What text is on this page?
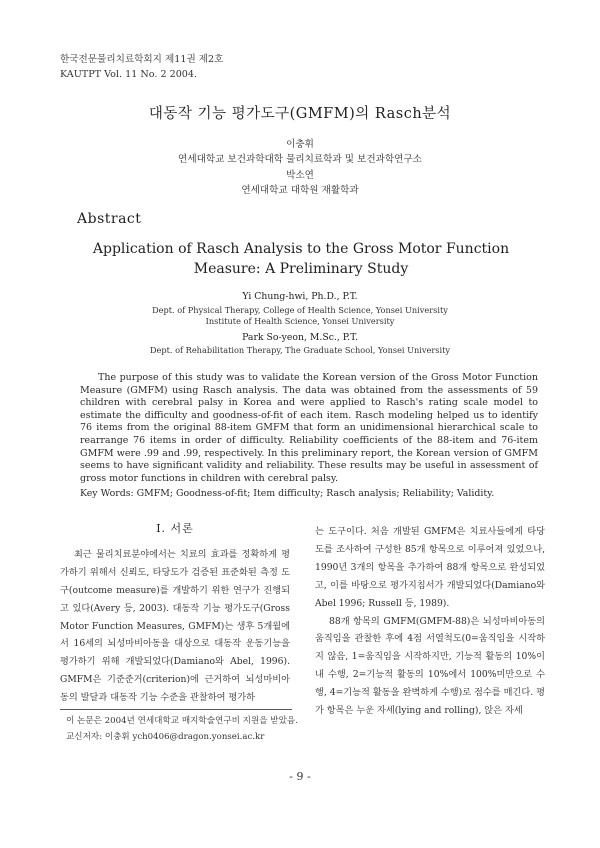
한국전문물리치료학회지 제11권 제2호
KAUTPT Vol. 11 No. 2 2004.
대동작 기능 평가도구(GMFM)의 Rasch분석
이충휘
연세대학교 보건과학대학 물리치료학과 및 보건과학연구소
박소연
연세대학교 대학원 재활학과
Abstract
Application of Rasch Analysis to the Gross Motor Function Measure: A Preliminary Study
Yi Chung-hwi, Ph.D., P.T.
Dept. of Physical Therapy, College of Health Science, Yonsei University
Institute of Health Science, Yonsei University
Park So-yeon, M.Sc., P.T.
Dept. of Rehabilitation Therapy, The Graduate School, Yonsei University
The purpose of this study was to validate the Korean version of the Gross Motor Function Measure (GMFM) using Rasch analysis. The data was obtained from the assessments of 59 children with cerebral palsy in Korea and were applied to Rasch's rating scale model to estimate the difficulty and goodness-of-fit of each item. Rasch modeling helped us to identify 76 items from the original 88-item GMFM that form an unidimensional hierarchical scale to rearrange 76 items in order of difficulty. Reliability coefficients of the 88-item and 76-item GMFM were .99 and .99, respectively. In this preliminary report, the Korean version of GMFM seems to have significant validity and reliability. These results may be useful in assessment of gross motor functions in children with cerebral palsy.
Key Words: GMFM; Goodness-of-fit; Item difficulty; Rasch analysis; Reliability; Validity.
Ⅰ. 서론

최근 물리치료분야에서는 치료의 효과를 정확하게 평가하기 위해서 신뢰도, 타당도가 검증된 표준화된 측정 도구(outcome measure)를 개발하기 위한 연구가 진행되고 있다(Avery 등, 2003). 대동작 기능 평가도구(Gross Motor Function Measures, GMFM)는 생후 5개월에서 16세의 뇌성마비아동을 대상으로 대동작 운동기능을 평가하기 위해 개발되었다(Damiano와 Abel, 1996). GMFM은 기준준거(criterion)에 근거하여 뇌성마비아동의 발달과 대동작 기능 수준을 관찰하여 평가하

는 도구이다. 처음 개발된 GMFM은 치료사들에게 타당도를 조사하여 구성한 85개 항목으로 이루어져 있었으나, 1990년 3개의 항목을 추가하여 88개 항목으로 완성되었고, 이를 바탕으로 평가지침서가 개발되었다(Damiano와 Abel 1996; Russell 등, 1989).

88개 항목의 GMFM(GMFM-88)은 뇌성마비아동의 움직임을 관찰한 후에 4점 서열척도(0=움직임을 시작하지 않음, 1=움직임을 시작하지만, 기능적 활동의 10%이내 수행, 2=기능적 활동의 10%에서 100%미만으로 수행, 4=기능적 활동을 완벽하게 수행)로 점수를 매긴다. 평가 항목은 누운 자세(lying and rolling), 앉은 자세

이 논문은 2004년 연세대학교 매지학술연구비 지원을 받았음.
교신저자: 이충휘 ych0406@dragon.yonsei.ac.kr
- 9 -
